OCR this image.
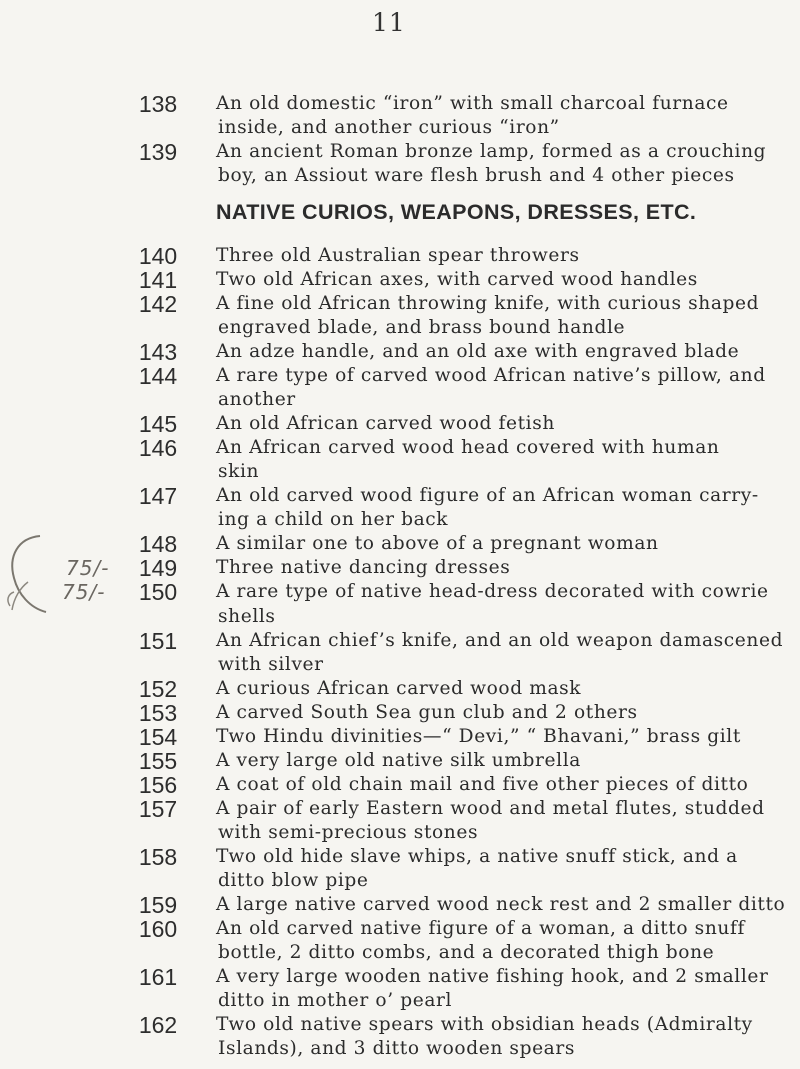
11
NATIVE CURIOS, WEAPONS, DRESSES, ETC.
75/-
75/-
138	An old domestic “iron” with small charcoal furnace
inside, and another curious “iron”
139	An ancient Roman bronze lamp, formed as a crouching
boy, an Assiout ware flesh brush and 4 other pieces
140	Three old Australian spear throwers
141	Two old African axes, with carved wood handles
142	A fine old African throwing knife, with curious shaped
engraved blade, and brass bound handle
143	An adze handle, and an old axe with engraved blade
144	A rare type of carved wood African native’s pillow, and
another
145	An old African carved wood fetish
146	An African carved wood head covered with human
skin
147	An old carved wood figure of an African woman carry-
ing a child on her back
148	A similar one to above of a pregnant woman
149	Three native dancing dresses
150	A rare type of native head-dress decorated with cowrie
shells
151	An African chief’s knife, and an old weapon damascened
with silver
152	A curious African carved wood mask
153	A carved South Sea gun club and 2 others
154	Two Hindu divinities—“ Devi,” “ Bhavani,” brass gilt
155	A very large old native silk umbrella
156	A coat of old chain mail and five other pieces of ditto
157	A pair of early Eastern wood and metal flutes, studded
with semi-precious stones
158	Two old hide slave whips, a native snuff stick, and a
ditto blow pipe
159	A large native carved wood neck rest and 2 smaller ditto
160	An old carved native figure of a woman, a ditto snuff
bottle, 2 ditto combs, and a decorated thigh bone
161	A very large wooden native fishing hook, and 2 smaller
ditto in mother o’ pearl
162	Two old native spears with obsidian heads (Admiralty
Islands), and 3 ditto wooden spears
